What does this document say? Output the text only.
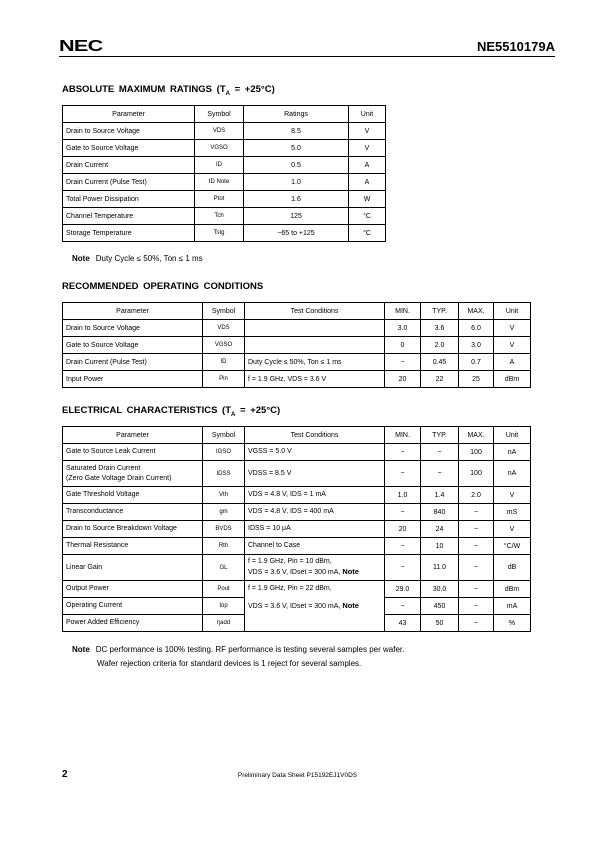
NEC	NE5510179A
ABSOLUTE MAXIMUM RATINGS $(T_A = +25^\circ C)$
Parameter	Symbol	Ratings	Unit
Drain to Source Voltage	VDS	8.5	V
Gate to Source Voltage	VGSO	5.0	V
Drain Current	ID	0.5	A
Drain Current (Pulse Test)	ID Note	1.0	A
Total Power Dissipation	Ptot	1.6	W
Channel Temperature	Tch	125	°C
Storage Temperature	Tstg	−65 to +125	°C
Note Duty Cycle ≤ 50%, Ton ≤ 1 ms
RECOMMENDED OPERATING CONDITIONS
Parameter	Symbol	Test Conditions	MIN.	TYP.	MAX.	Unit
Drain to Source Voltage	VDS		3.0	3.6	6.0	V
Gate to Source Voltage	VGSO		0	2.0	3.0	V
Drain Current (Pulse Test)	ID	Duty Cycle ≤ 50%, Ton ≤ 1 ms	−	0.45	0.7	A
Input Power	Pin	f = 1.9 GHz, VDS = 3.6 V	20	22	25	dBm
ELECTRICAL CHARACTERISTICS $(T_A = +25^\circ C)$
Parameter	Symbol	Test Conditions	MIN.	TYP.	MAX.	Unit
Gate to Source Leak Current	IGSO	VGSS = 5.0 V	−	−	100	nA
Saturated Drain Current
(Zero Gate Voltage Drain Current)	IDSS	VDSS = 8.5 V	−	−	100	nA
Gate Threshold Voltage	Vth	VDS = 4.8 V, IDS = 1 mA	1.0	1.4	2.0	V
Transconductance	gm	VDS = 4.8 V, IDS = 400 mA	−	840	−	mS
Drain to Source Breakdown Voltage	BVDS	IDSS = 10 μA	20	24	−	V
Thermal Resistance	Rth	Channel to Case	−	10	−	°C/W
Linear Gain	GL	f = 1.9 GHz, Pin = 10 dBm,
VDS = 3.6 V, IDset = 300 mA, Note	−	11.0	−	dB
Output Power	Pout	f = 1.9 GHz, Pin = 22 dBm,	29.0	30.0	−	dBm
Operating Current	Iop	VDS = 3.6 V, IDset = 300 mA, Note	−	450	−	mA
Power Added Efficiency	ηadd		43	50	−	%
Note DC performance is 100% testing. RF performance is testing several samples per wafer.
Wafer rejection criteria for standard devices is 1 reject for several samples.
2	Preliminary Data Sheet P15192EJ1V0DS
